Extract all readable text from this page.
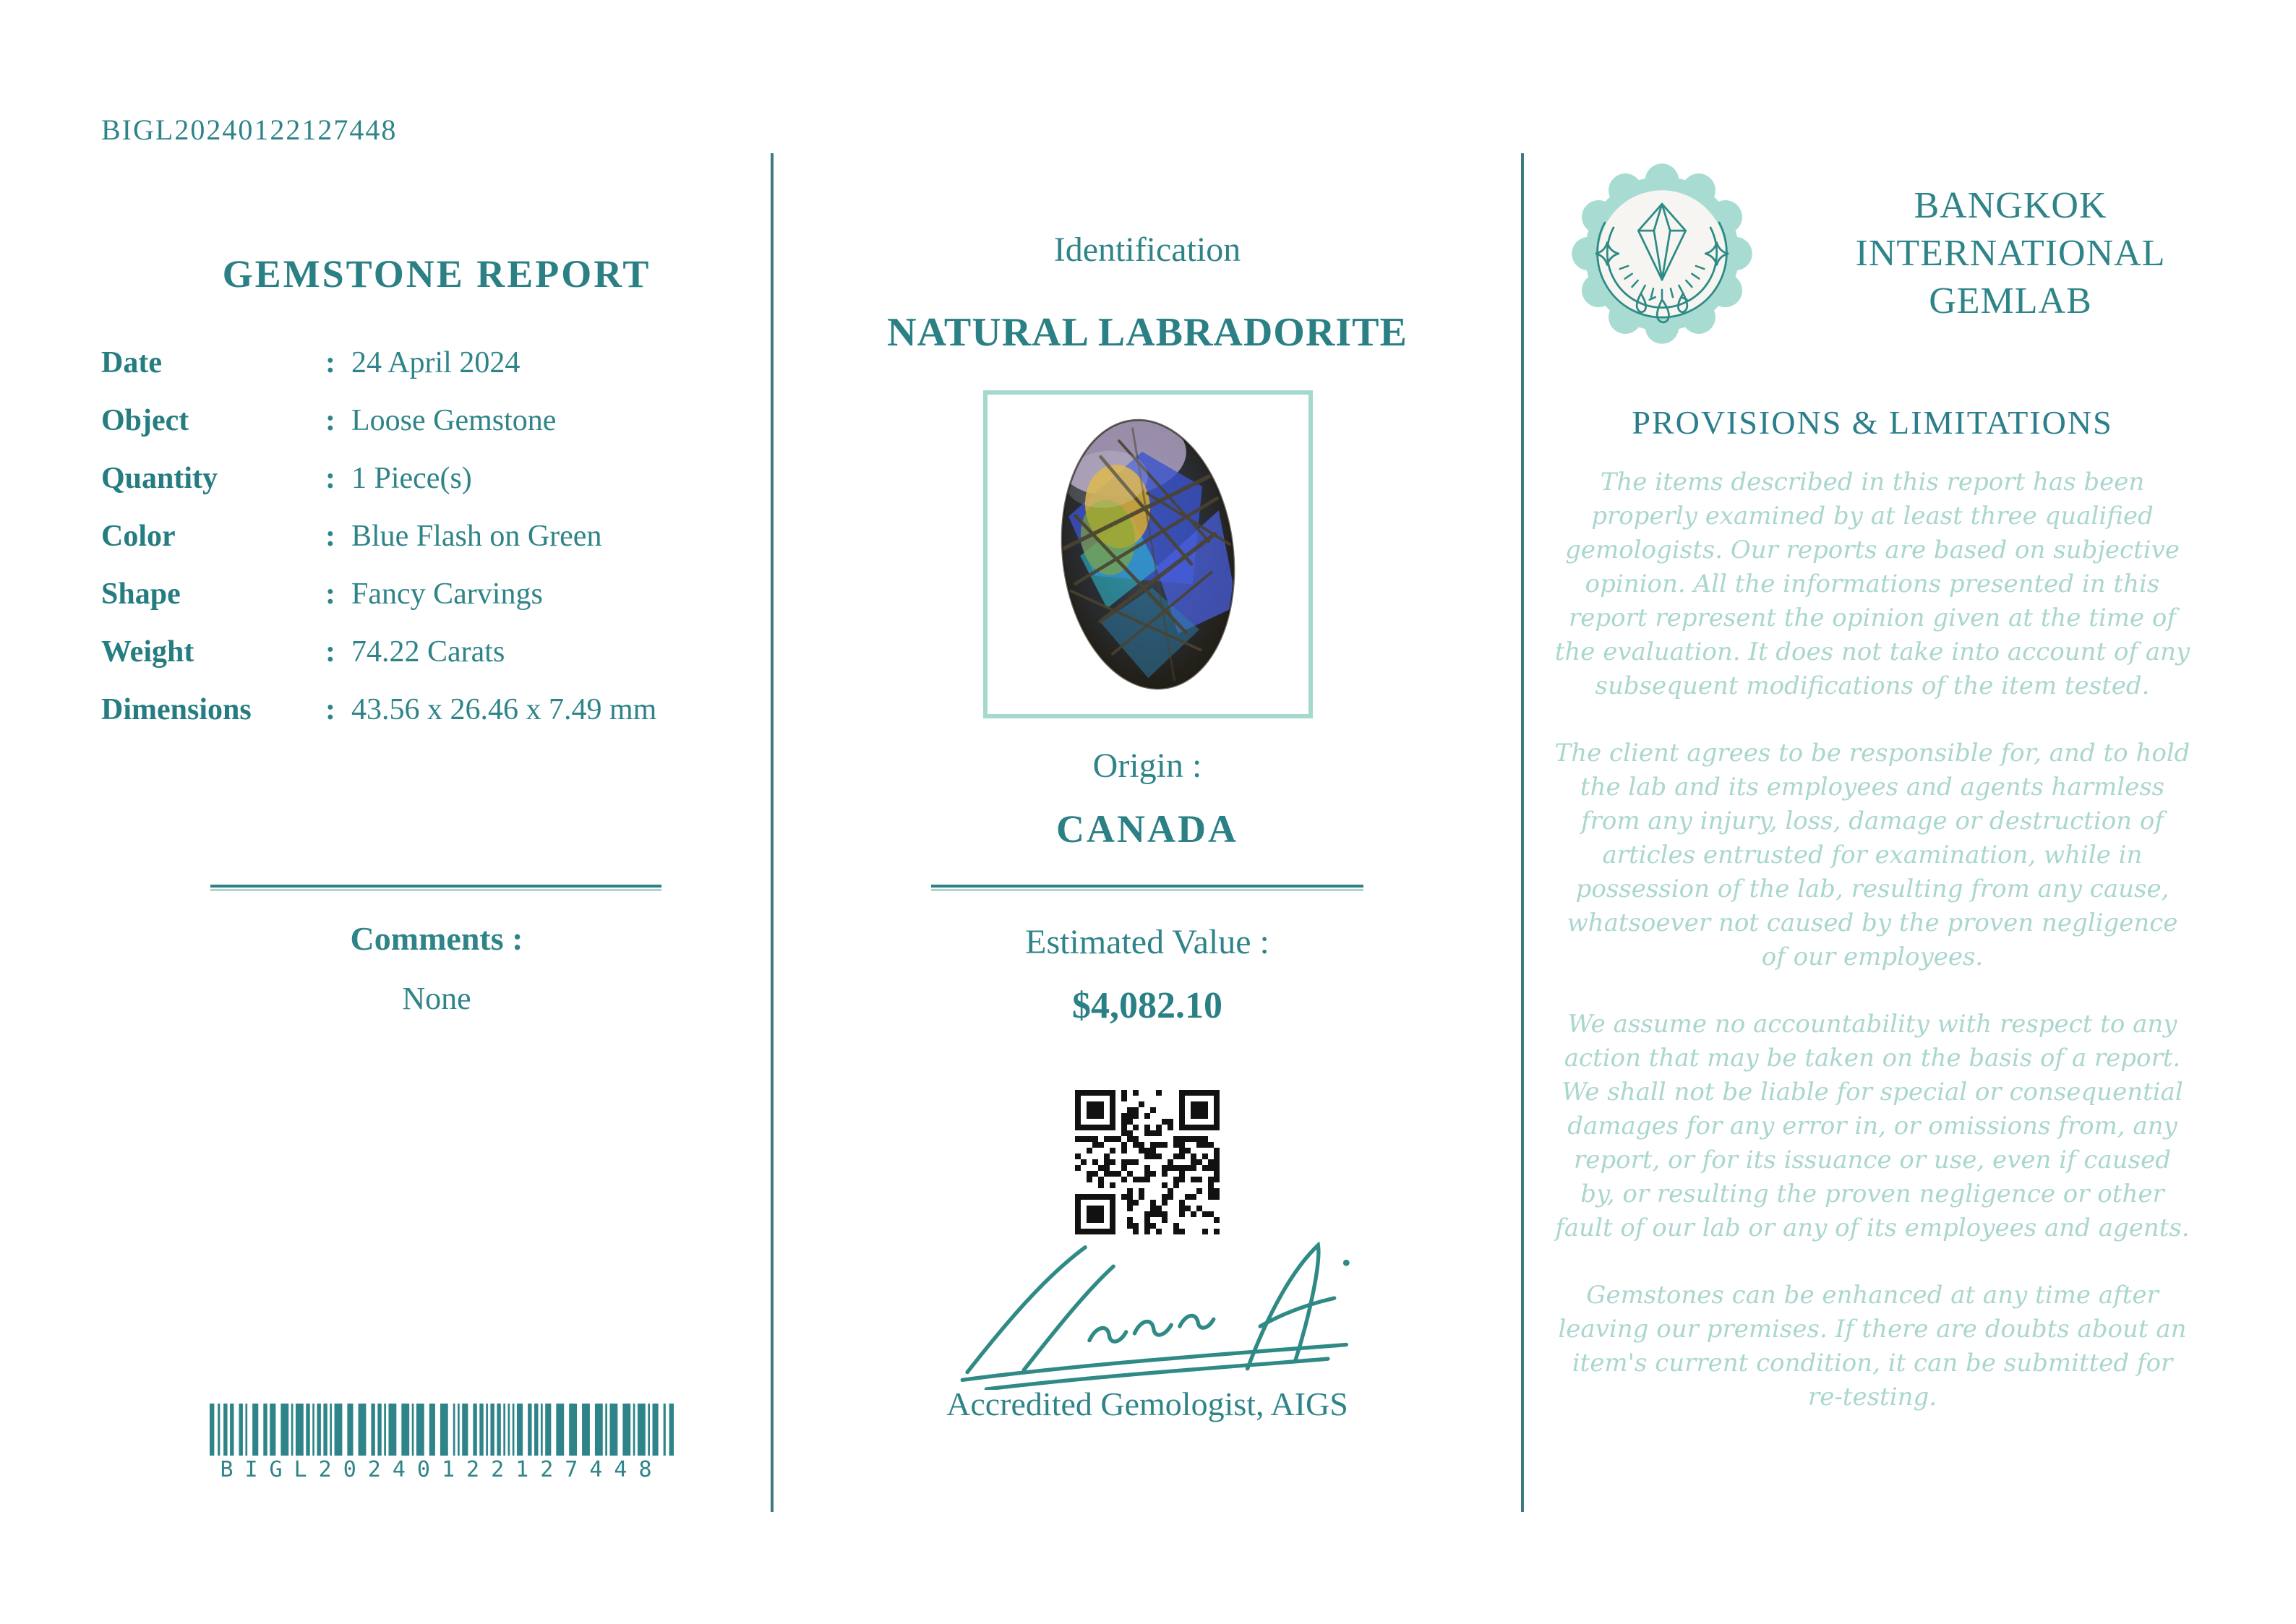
BIGL20240122127448
GEMSTONE REPORT
Date	: 24 April 2024
Object	: Loose Gemstone
Quantity	: 1 Piece(s)
Color	: Blue Flash on Green
Shape	: Fancy Carvings
Weight	: 74.22 Carats
Dimensions	: 43.56 x 26.46 x 7.49 mm
Comments :
None
BIGL20240122127448
Identification
NATURAL LABRADORITE
Origin :
CANADA
Estimated Value :
$4,082.10
Accredited Gemologist, AIGS
BANGKOK
INTERNATIONAL
GEMLAB
PROVISIONS & LIMITATIONS

The items described in this report has been properly examined by at least three qualified gemologists. Our reports are based on subjective opinion. All the informations presented in this report represent the opinion given at the time of the evaluation. It does not take into account of any subsequent modifications of the item tested.

The client agrees to be responsible for, and to hold the lab and its employees and agents harmless from any injury, loss, damage or destruction of articles entrusted for examination, while in possession of the lab, resulting from any cause, whatsoever not caused by the proven negligence of our employees.

We assume no accountability with respect to any action that may be taken on the basis of a report. We shall not be liable for special or consequential damages for any error in, or omissions from, any report, or for its issuance or use, even if caused by, or resulting the proven negligence or other fault of our lab or any of its employees and agents.

Gemstones can be enhanced at any time after leaving our premises. If there are doubts about an item's current condition, it can be submitted for re-testing.
